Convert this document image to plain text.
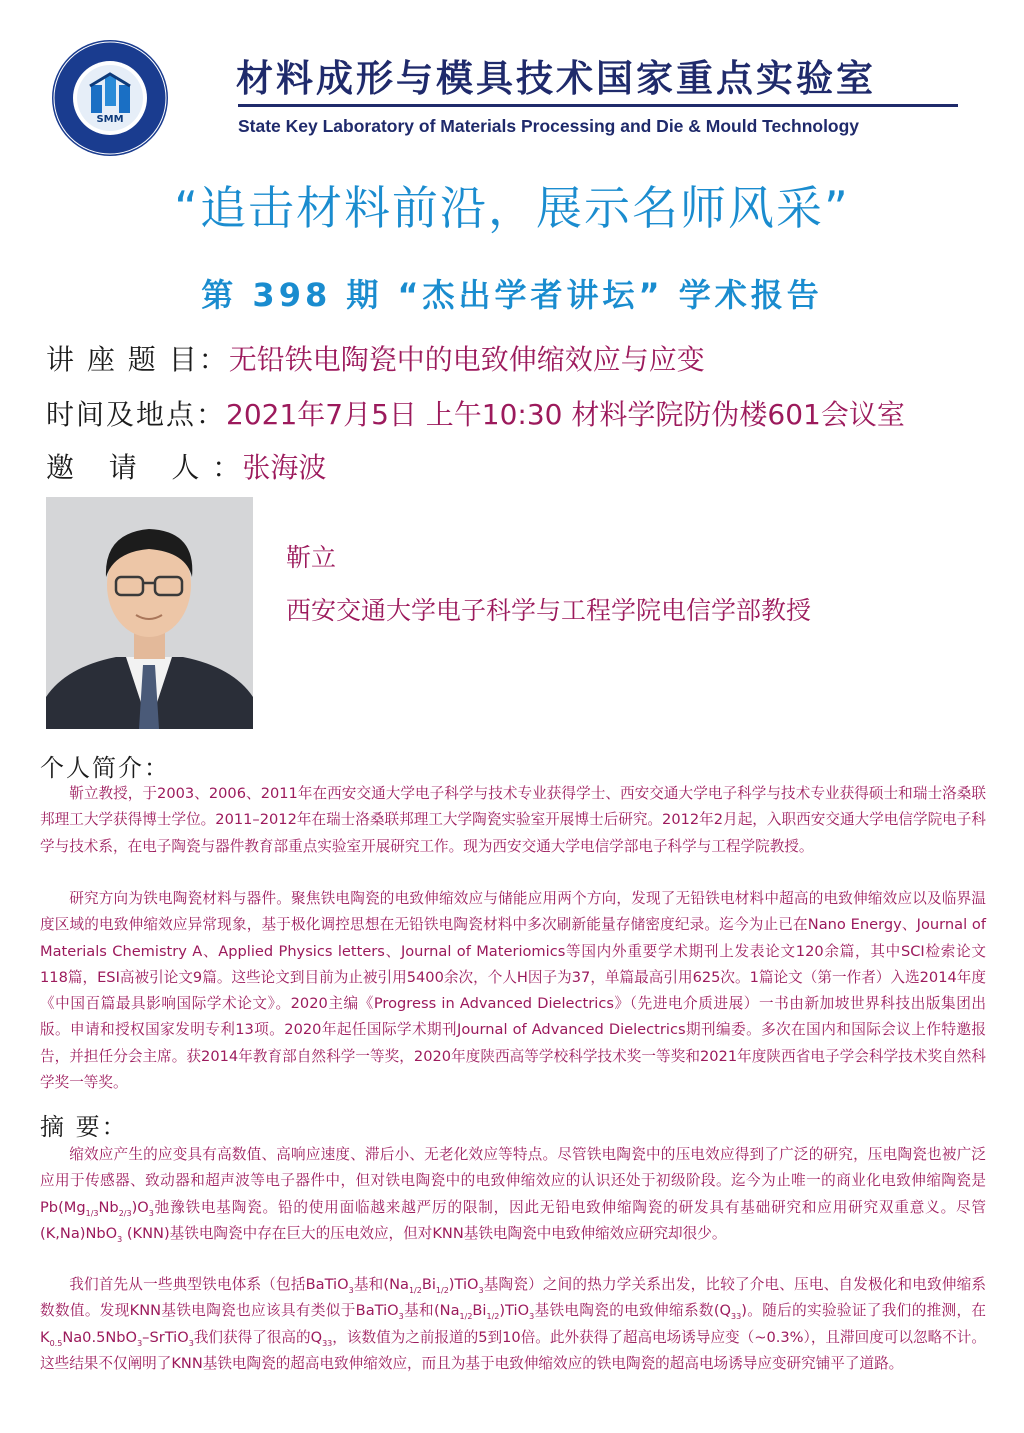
SMM
材料成形与模具技术国家重点实验室
State Key Laboratory of Materials Processing and Die & Mould Technology
“追击材料前沿，展示名师风采”
第 398 期 “杰出学者讲坛” 学术报告
讲 座 题 目：无铅铁电陶瓷中的电致伸缩效应与应变
时间及地点：2021年7月5日 上午10:30 材料学院防伪楼601会议室
邀   请   人 ：张海波
靳立
西安交通大学电子科学与工程学院电信学部教授
个人简介：

靳立教授，于2003、2006、2011年在西安交通大学电子科学与技术专业获得学士、西安交通大学电子科学与技术专业获得硕士和瑞士洛桑联邦理工大学获得博士学位。2011–2012年在瑞士洛桑联邦理工大学陶瓷实验室开展博士后研究。2012年2月起，入职西安交通大学电信学院电子科学与技术系，在电子陶瓷与器件教育部重点实验室开展研究工作。现为西安交通大学电信学部电子科学与工程学院教授。

研究方向为铁电陶瓷材料与器件。聚焦铁电陶瓷的电致伸缩效应与储能应用两个方向，发现了无铅铁电材料中超高的电致伸缩效应以及临界温度区域的电致伸缩效应异常现象，基于极化调控思想在无铅铁电陶瓷材料中多次刷新能量存储密度纪录。迄今为止已在Nano Energy、Journal of Materials Chemistry A、Applied Physics letters、Journal of Materiomics等国内外重要学术期刊上发表论文120余篇，其中SCI检索论文118篇，ESI高被引论文9篇。这些论文到目前为止被引用5400余次，个人H因子为37，单篇最高引用625次。1篇论文（第一作者）入选2014年度《中国百篇最具影响国际学术论文》。2020主编《Progress in Advanced Dielectrics》（先进电介质进展）一书由新加坡世界科技出版集团出版。申请和授权国家发明专利13项。2020年起任国际学术期刊Journal of Advanced Dielectrics期刊编委。多次在国内和国际会议上作特邀报告，并担任分会主席。获2014年教育部自然科学一等奖，2020年度陕西高等学校科学技术奖一等奖和2021年度陕西省电子学会科学技术奖自然科学奖一等奖。

摘 要：

缩效应产生的应变具有高数值、高响应速度、滞后小、无老化效应等特点。尽管铁电陶瓷中的压电效应得到了广泛的研究，压电陶瓷也被广泛应用于传感器、致动器和超声波等电子器件中，但对铁电陶瓷中的电致伸缩效应的认识还处于初级阶段。迄今为止唯一的商业化电致伸缩陶瓷是$Pb(Mg_{1/3}Nb_{2/3})O_3$弛豫铁电基陶瓷。铅的使用面临越来越严厉的限制，因此无铅电致伸缩陶瓷的研发具有基础研究和应用研究双重意义。尽管(K,Na)NbO$_3$ (KNN)基铁电陶瓷中存在巨大的压电效应，但对KNN基铁电陶瓷中电致伸缩效应研究却很少。

我们首先从一些典型铁电体系（包括BaTiO$_3$基和$(Na_{1/2}Bi_{1/2})TiO_3$基陶瓷）之间的热力学关系出发，比较了介电、压电、自发极化和电致伸缩系数数值。发现KNN基铁电陶瓷也应该具有类似于BaTiO$_3$基和$(Na_{1/2}Bi_{1/2})TiO_3$基铁电陶瓷的电致伸缩系数$(Q_{33})$。随后的实验验证了我们的推测，在$K_{0.5}Na0.5NbO_3-SrTiO_3$我们获得了很高的$Q_{33}$，该数值为之前报道的5到10倍。此外获得了超高电场诱导应变（~0.3%），且滞回度可以忽略不计。这些结果不仅阐明了KNN基铁电陶瓷的超高电致伸缩效应，而且为基于电致伸缩效应的铁电陶瓷的超高电场诱导应变研究铺平了道路。
